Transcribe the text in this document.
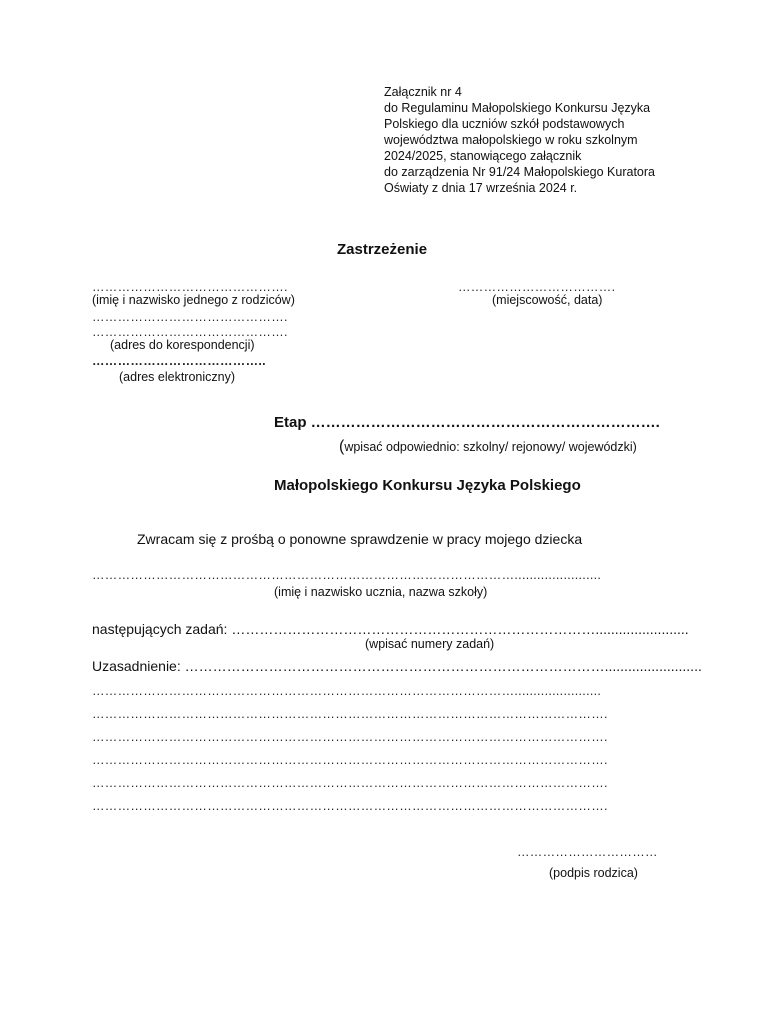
Załącznik nr 4
do Regulaminu Małopolskiego Konkursu Języka
Polskiego dla uczniów szkół podstawowych
województwa małopolskiego w roku szkolnym
2024/2025, stanowiącego załącznik
do zarządzenia Nr 91/24 Małopolskiego Kuratora
Oświaty z dnia 17 września 2024 r.
Zastrzeżenie
……………………………………….
(imię i nazwisko jednego z rodziców)
……………………………………….
……………………………………….
(adres do korespondencji)
…………………………………..
(adres elektroniczny)
……………………………….
(miejscowość, data)
Etap …………………………………………………………….
(wpisać odpowiednio: szkolny/ rejonowy/ wojewódzki)
Małopolskiego Konkursu Języka Polskiego
Zwracam się z prośbą o ponowne sprawdzenie w pracy mojego dziecka
……………………………………………………………………………………….......................
(imię i nazwisko ucznia, nazwa szkoły)
następujących zadań: ……………………………………………………………………........................
(wpisać numery zadań)
Uzasadnienie: ……………………………………………………………………………….........................
……………………………………………………………………………………….......................
………………………………………………………………………………………………………….
………………………………………………………………………………………………………….
………………………………………………………………………………………………………….
………………………………………………………………………………………………………….
………………………………………………………………………………………………………….
……………………………
(podpis rodzica)
